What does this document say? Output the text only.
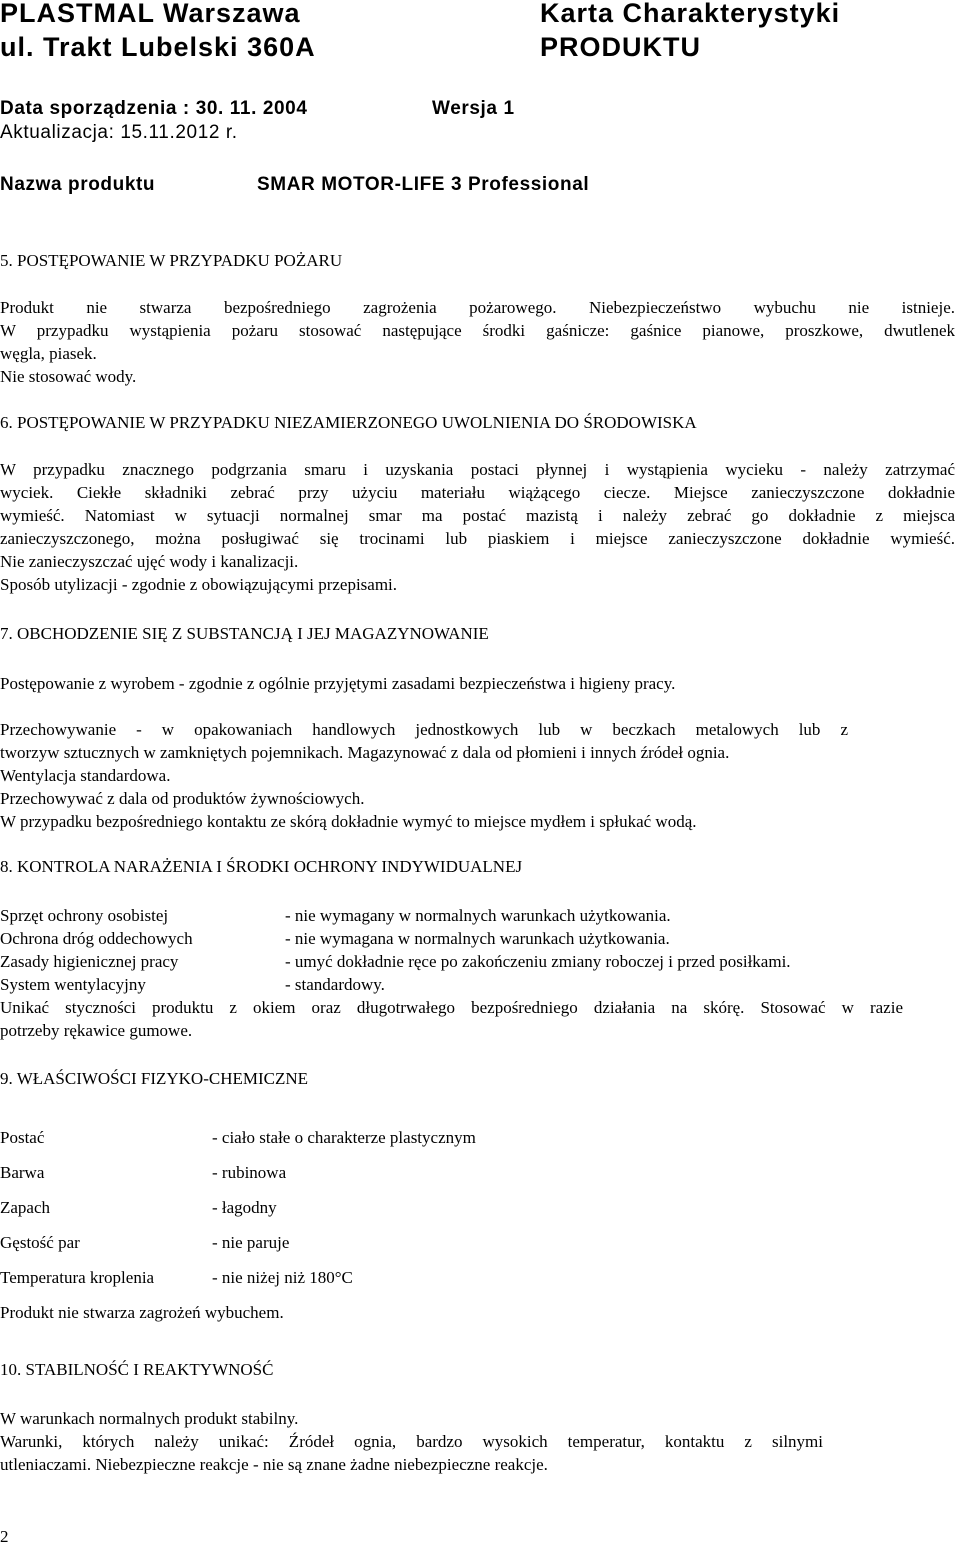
PLASTMAL Warszawa
ul. Trakt Lubelski 360A
Karta Charakterystyki
PRODUKTU
Data sporządzenia : 30. 11. 2004	Wersja 1
Aktualizacja: 15.11.2012 r.
Nazwa produktu	SMAR MOTOR-LIFE 3 Professional
5. POSTĘPOWANIE W PRZYPADKU POŻARU
Produkt nie stwarza bezpośredniego zagrożenia pożarowego. Niebezpieczeństwo wybuchu nie istnieje.
W przypadku wystąpienia pożaru stosować następujące środki gaśnicze: gaśnice pianowe, proszkowe, dwutlenek
węgla, piasek.
Nie stosować wody.
6. POSTĘPOWANIE W PRZYPADKU NIEZAMIERZONEGO UWOLNIENIA DO ŚRODOWISKA
W przypadku znacznego podgrzania smaru i uzyskania postaci płynnej i wystąpienia wycieku - należy zatrzymać
wyciek. Ciekłe składniki zebrać przy użyciu materiału wiążącego ciecze. Miejsce zanieczyszczone dokładnie
wymieść. Natomiast w sytuacji normalnej smar ma postać mazistą i należy zebrać go dokładnie z miejsca
zanieczyszczonego, można posługiwać się trocinami lub piaskiem i miejsce zanieczyszczone dokładnie wymieść.
Nie zanieczyszczać ujęć wody i kanalizacji.
Sposób utylizacji - zgodnie z obowiązującymi przepisami.
7. OBCHODZENIE SIĘ Z SUBSTANCJĄ I JEJ MAGAZYNOWANIE
Postępowanie z wyrobem - zgodnie z ogólnie przyjętymi zasadami bezpieczeństwa i higieny pracy.
Przechowywanie - w opakowaniach handlowych jednostkowych lub w beczkach metalowych lub z
tworzyw sztucznych w zamkniętych pojemnikach. Magazynować z dala od płomieni i innych źródeł ognia.
Wentylacja standardowa.
Przechowywać z dala od produktów żywnościowych.
W przypadku bezpośredniego kontaktu ze skórą dokładnie wymyć to miejsce mydłem i spłukać wodą.
8. KONTROLA NARAŻENIA I ŚRODKI OCHRONY INDYWIDUALNEJ
Sprzęt ochrony osobistej	- nie wymagany w normalnych warunkach użytkowania.
Ochrona dróg oddechowych	- nie wymagana w normalnych warunkach użytkowania.
Zasady higienicznej pracy	- umyć dokładnie ręce po zakończeniu zmiany roboczej i przed posiłkami.
System wentylacyjny	- standardowy.
Unikać styczności produktu z okiem oraz długotrwałego bezpośredniego działania na skórę. Stosować w razie
potrzeby rękawice gumowe.
9. WŁAŚCIWOŚCI FIZYKO-CHEMICZNE
Postać	- ciało stałe o charakterze plastycznym
Barwa	- rubinowa
Zapach	- łagodny
Gęstość par	- nie paruje
Temperatura kroplenia	- nie niżej niż 180°C
Produkt nie stwarza zagrożeń wybuchem.
10. STABILNOŚĆ I REAKTYWNOŚĆ
W warunkach normalnych produkt stabilny.
Warunki, których należy unikać: Źródeł ognia, bardzo wysokich temperatur, kontaktu z silnymi
utleniaczami. Niebezpieczne reakcje - nie są znane żadne niebezpieczne reakcje.
2
